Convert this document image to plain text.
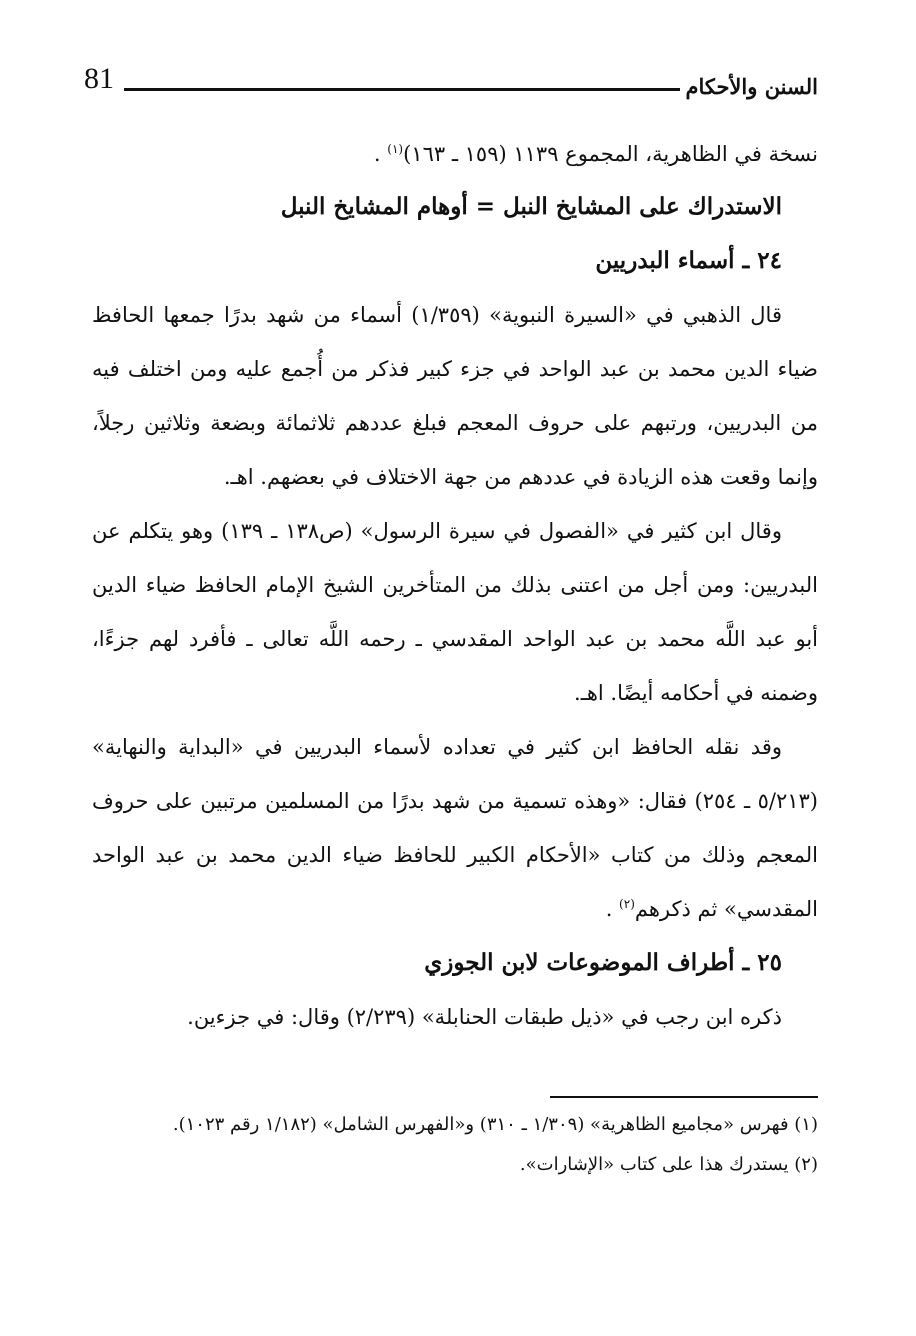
81	السنن والأحكام
نسخة في الظاهرية، المجموع ١١٣٩ (١٥٩ ـ ١٦٣)$^{(١)}$ .
الاستدراك على المشايخ النبل = أوهام المشايخ النبل
٢٤ ـ أسماء البدريين

قال الذهبي في «السيرة النبوية» (١/٣٥٩) أسماء من شهد بدرًا جمعها الحافظ ضياء الدين محمد بن عبد الواحد في جزء كبير فذكر من أُجمع عليه ومن اختلف فيه من البدريين، ورتبهم على حروف المعجم فبلغ عددهم ثلاثمائة وبضعة وثلاثين رجلاً، وإنما وقعت هذه الزيادة في عددهم من جهة الاختلاف في بعضهم. اهـ.

وقال ابن كثير في «الفصول في سيرة الرسول» (ص١٣٨ ـ ١٣٩) وهو يتكلم عن البدريين: ومن أجل من اعتنى بذلك من المتأخرين الشيخ الإمام الحافظ ضياء الدين أبو عبد اللَّه محمد بن عبد الواحد المقدسي ـ رحمه اللَّه تعالى ـ فأفرد لهم جزءًا، وضمنه في أحكامه أيضًا. اهـ.

وقد نقله الحافظ ابن كثير في تعداده لأسماء البدريين في «البداية والنهاية» (٥/٢١٣ ـ ٢٥٤) فقال: «وهذه تسمية من شهد بدرًا من المسلمين مرتبين على حروف المعجم وذلك من كتاب «الأحكام الكبير للحافظ ضياء الدين محمد بن عبد الواحد المقدسي» ثم ذكرهم$^{(٢)}$ .

٢٥ ـ أطراف الموضوعات لابن الجوزي

ذكره ابن رجب في «ذيل طبقات الحنابلة» (٢/٢٣٩) وقال: في جزءين.

(١) فهرس «مجاميع الظاهرية» (١/٣٠٩ ـ ٣١٠) و«الفهرس الشامل» (١/١٨٢ رقم ١٠٢٣).

(٢) يستدرك هذا على كتاب «الإشارات».
